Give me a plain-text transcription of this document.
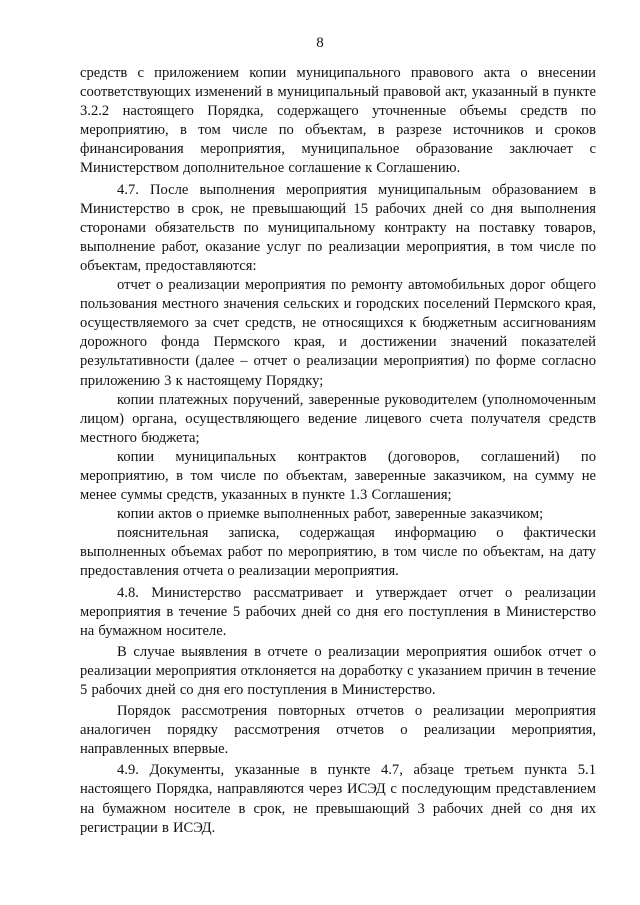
8

средств с приложением копии муниципального правового акта о внесении соответствующих изменений в муниципальный правовой акт, указанный в пункте 3.2.2 настоящего Порядка, содержащего уточненные объемы средств по мероприятию, в том числе по объектам, в разрезе источников и сроков финансирования мероприятия, муниципальное образование заключает с Министерством дополнительное соглашение к Соглашению.

4.7. После выполнения мероприятия муниципальным образованием в Министерство в срок, не превышающий 15 рабочих дней со дня выполнения сторонами обязательств по муниципальному контракту на поставку товаров, выполнение работ, оказание услуг по реализации мероприятия, в том числе по объектам, предоставляются:

отчет о реализации мероприятия по ремонту автомобильных дорог общего пользования местного значения сельских и городских поселений Пермского края, осуществляемого за счет средств, не относящихся к бюджетным ассигнованиям дорожного фонда Пермского края, и достижении значений показателей результативности (далее – отчет о реализации мероприятия) по форме согласно приложению 3 к настоящему Порядку;

копии платежных поручений, заверенные руководителем (уполномоченным лицом) органа, осуществляющего ведение лицевого счета получателя средств местного бюджета;

копии муниципальных контрактов (договоров, соглашений) по мероприятию, в том числе по объектам, заверенные заказчиком, на сумму не менее суммы средств, указанных в пункте 1.3 Соглашения;

копии актов о приемке выполненных работ, заверенные заказчиком;

пояснительная записка, содержащая информацию о фактически выполненных объемах работ по мероприятию, в том числе по объектам, на дату предоставления отчета о реализации мероприятия.

4.8. Министерство рассматривает и утверждает отчет о реализации мероприятия в течение 5 рабочих дней со дня его поступления в Министерство на бумажном носителе.

В случае выявления в отчете о реализации мероприятия ошибок отчет о реализации мероприятия отклоняется на доработку с указанием причин в течение 5 рабочих дней со дня его поступления в Министерство.

Порядок рассмотрения повторных отчетов о реализации мероприятия аналогичен порядку рассмотрения отчетов о реализации мероприятия, направленных впервые.

4.9. Документы, указанные в пункте 4.7, абзаце третьем пункта 5.1 настоящего Порядка, направляются через ИСЭД с последующим представлением на бумажном носителе в срок, не превышающий 3 рабочих дней со дня их регистрации в ИСЭД.
